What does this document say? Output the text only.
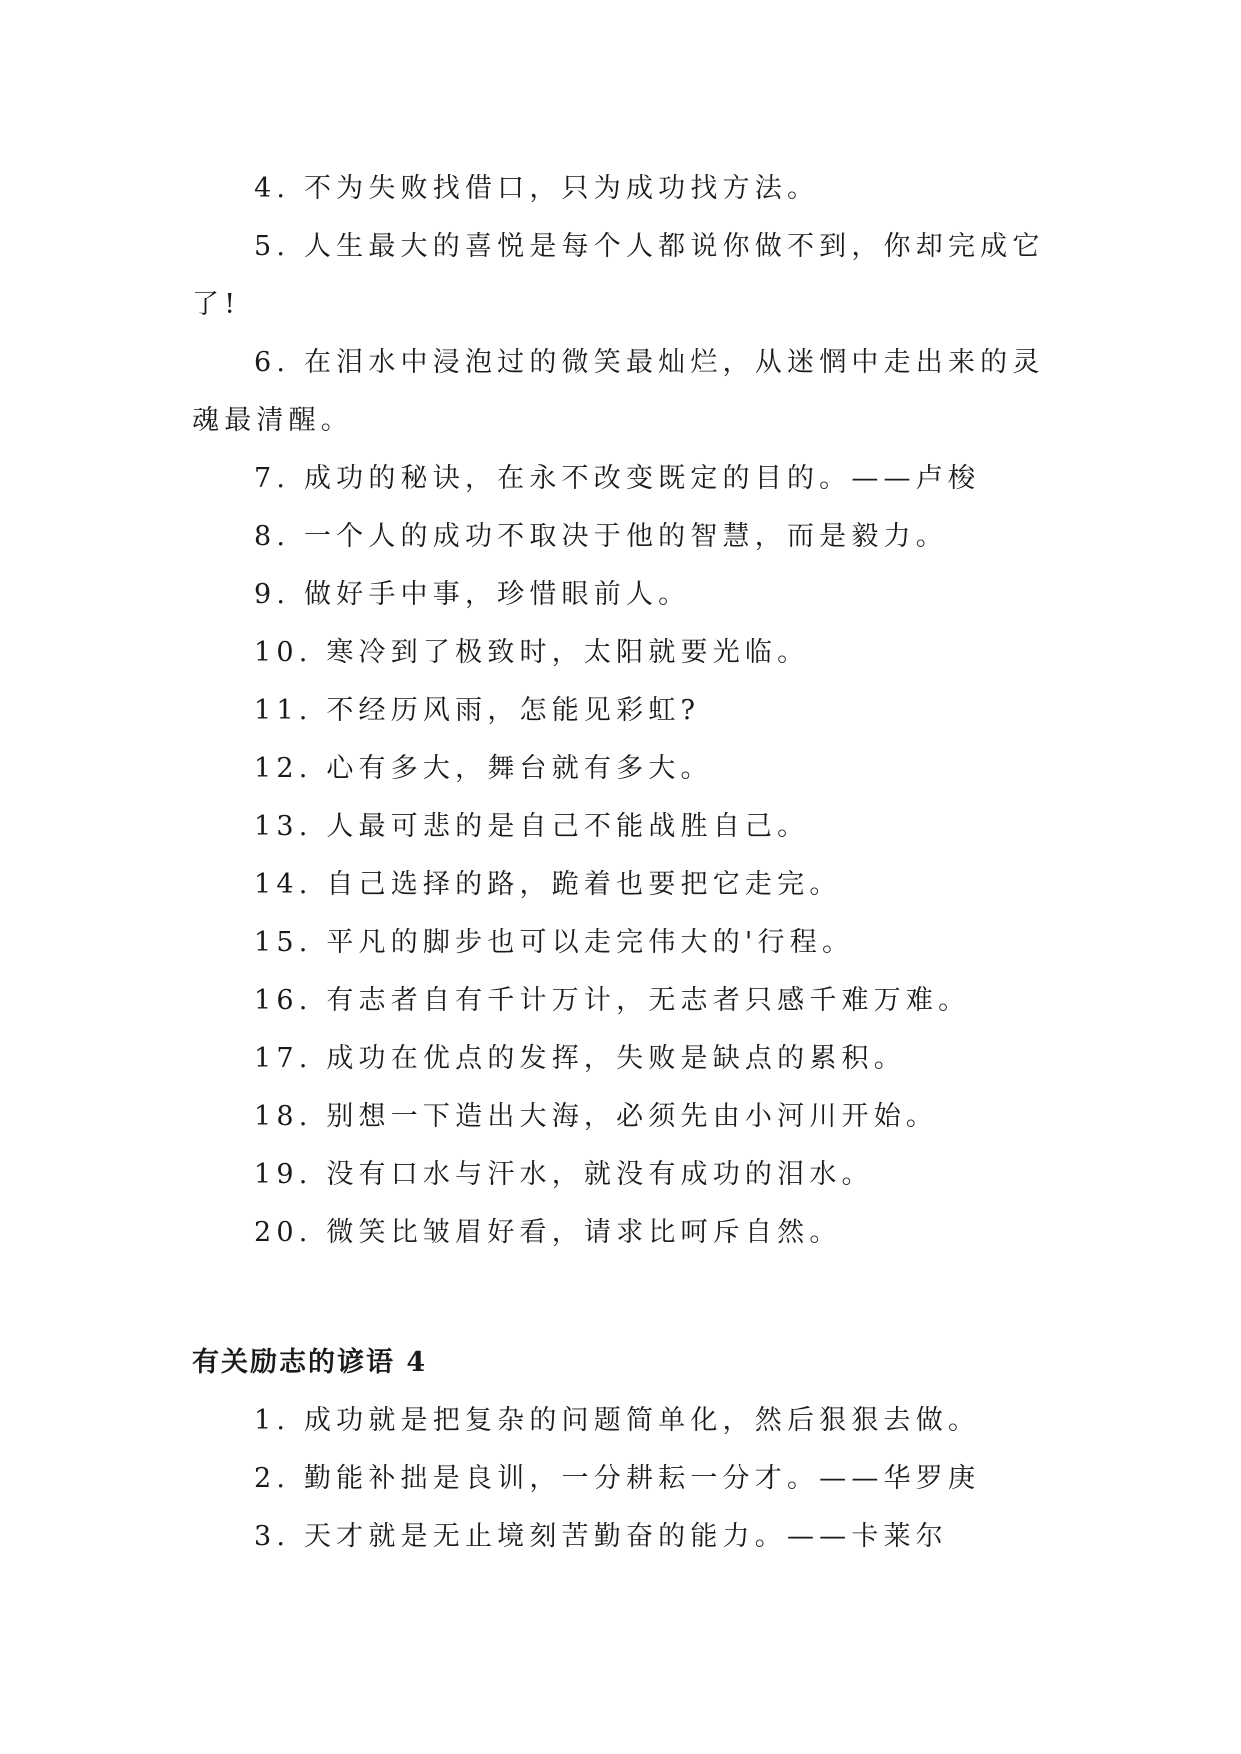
4. 不为失败找借口，只为成功找方法。

5. 人生最大的喜悦是每个人都说你做不到，你却完成它了!

6. 在泪水中浸泡过的微笑最灿烂，从迷惘中走出来的灵魂最清醒。

7. 成功的秘诀，在永不改变既定的目的。——卢梭

8. 一个人的成功不取决于他的智慧，而是毅力。

9. 做好手中事，珍惜眼前人。

10. 寒冷到了极致时，太阳就要光临。

11. 不经历风雨，怎能见彩虹?

12. 心有多大，舞台就有多大。

13. 人最可悲的是自己不能战胜自己。

14. 自己选择的路，跪着也要把它走完。

15. 平凡的脚步也可以走完伟大的'行程。

16. 有志者自有千计万计，无志者只感千难万难。

17. 成功在优点的发挥，失败是缺点的累积。

18. 别想一下造出大海，必须先由小河川开始。

19. 没有口水与汗水，就没有成功的泪水。

20. 微笑比皱眉好看，请求比呵斥自然。

有关励志的谚语 4

1. 成功就是把复杂的问题简单化，然后狠狠去做。

2. 勤能补拙是良训，一分耕耘一分才。——华罗庚

3. 天才就是无止境刻苦勤奋的能力。——卡莱尔
